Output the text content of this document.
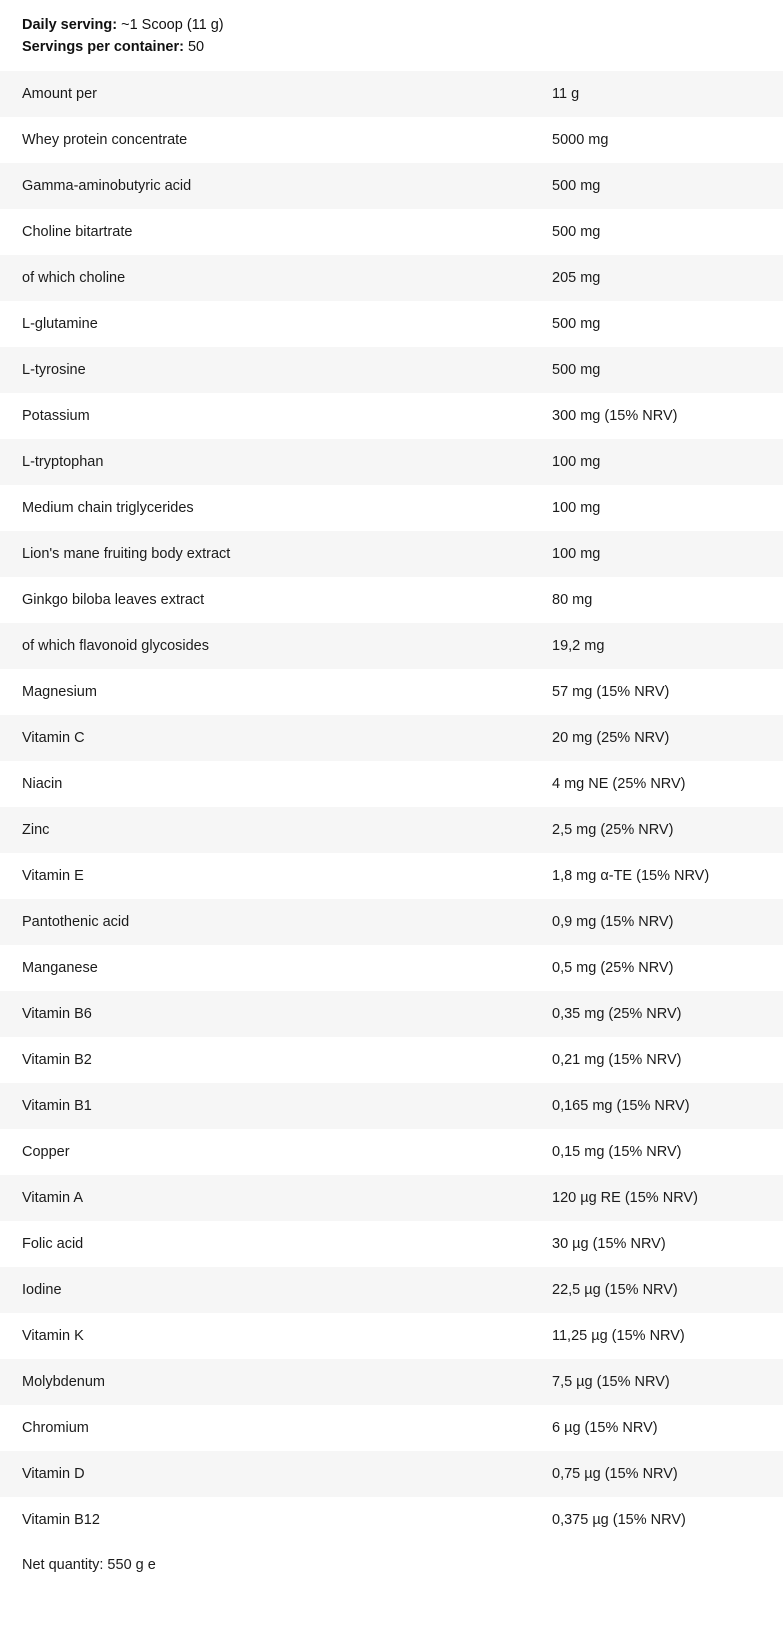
Daily serving: ~1 Scoop (11 g)
Servings per container: 50
Amount per	11 g
Whey protein concentrate	5000 mg
Gamma-aminobutyric acid	500 mg
Choline bitartrate	500 mg
of which choline	205 mg
L-glutamine	500 mg
L-tyrosine	500 mg
Potassium	300 mg (15% NRV)
L-tryptophan	100 mg
Medium chain triglycerides	100 mg
Lion's mane fruiting body extract	100 mg
Ginkgo biloba leaves extract	80 mg
of which flavonoid glycosides	19,2 mg
Magnesium	57 mg (15% NRV)
Vitamin C	20 mg (25% NRV)
Niacin	4 mg NE (25% NRV)
Zinc	2,5 mg (25% NRV)
Vitamin E	1,8 mg α-TE (15% NRV)
Pantothenic acid	0,9 mg (15% NRV)
Manganese	0,5 mg (25% NRV)
Vitamin B6	0,35 mg (25% NRV)
Vitamin B2	0,21 mg (15% NRV)
Vitamin B1	0,165 mg (15% NRV)
Copper	0,15 mg (15% NRV)
Vitamin A	120 µg RE (15% NRV)
Folic acid	30 µg (15% NRV)
Iodine	22,5 µg (15% NRV)
Vitamin K	11,25 µg (15% NRV)
Molybdenum	7,5 µg (15% NRV)
Chromium	6 µg (15% NRV)
Vitamin D	0,75 µg (15% NRV)
Vitamin B12	0,375 µg (15% NRV)
Net quantity: 550 g e
